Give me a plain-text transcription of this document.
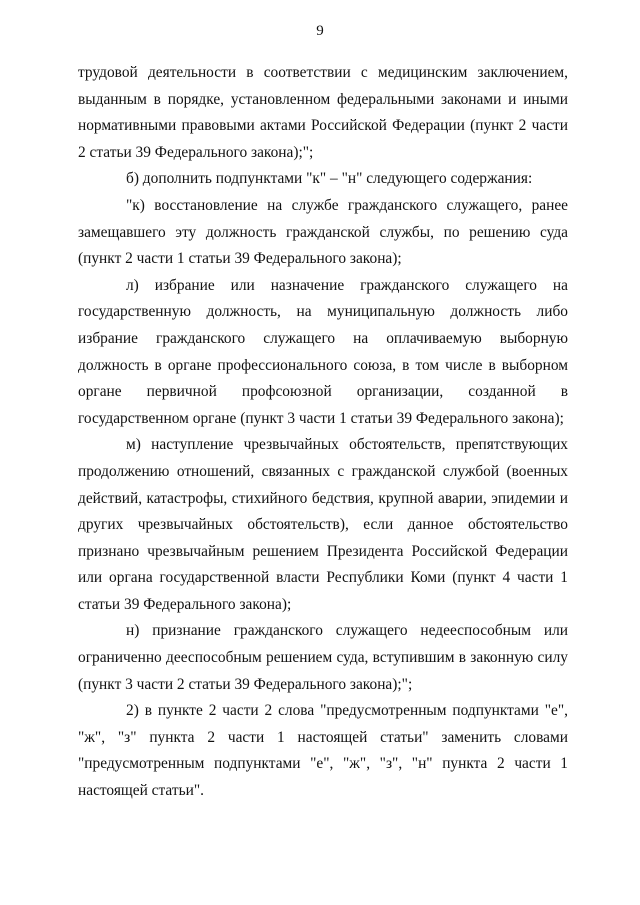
9

трудовой деятельности в соответствии с медицинским заключением, выданным в порядке, установленном федеральными законами и иными нормативными правовыми актами Российской Федерации (пункт 2 части 2 статьи 39 Федерального закона);";

б) дополнить подпунктами "к" – "н" следующего содержания:

"к) восстановление на службе гражданского служащего, ранее замещавшего эту должность гражданской службы, по решению суда (пункт 2 части 1 статьи 39 Федерального закона);

л) избрание или назначение гражданского служащего на государственную должность, на муниципальную должность либо избрание гражданского служащего на оплачиваемую выборную должность в органе профессионального союза, в том числе в выборном органе первичной профсоюзной организации, созданной в государственном органе (пункт 3 части 1 статьи 39 Федерального закона);

м) наступление чрезвычайных обстоятельств, препятствующих продолжению отношений, связанных с гражданской службой (военных действий, катастрофы, стихийного бедствия, крупной аварии, эпидемии и других чрезвычайных обстоятельств), если данное обстоятельство признано чрезвычайным решением Президента Российской Федерации или органа государственной власти Республики Коми (пункт 4 части 1 статьи 39 Федерального закона);

н) признание гражданского служащего недееспособным или ограниченно дееспособным решением суда, вступившим в законную силу (пункт 3 части 2 статьи 39 Федерального закона);";

2) в пункте 2 части 2 слова "предусмотренным подпунктами "е", "ж", "з" пункта 2 части 1 настоящей статьи" заменить словами "предусмотренным подпунктами "е", "ж", "з", "н" пункта 2 части 1 настоящей статьи".
